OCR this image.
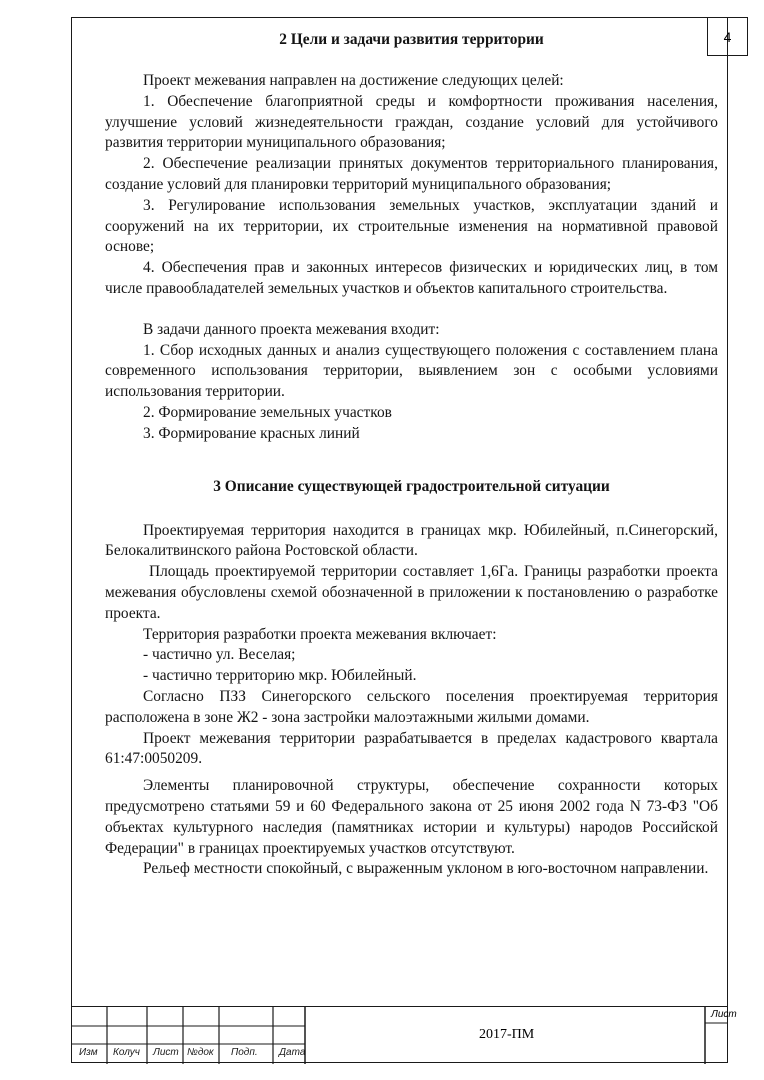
4
2 Цели и задачи развития территории

Проект межевания направлен на достижение следующих целей:

1. Обеспечение благоприятной среды и комфортности проживания населения, улучшение условий жизнедеятельности граждан, создание условий для устойчивого развития территории муниципального образования;

2. Обеспечение реализации принятых документов территориального планирования, создание условий для планировки территорий муниципального образования;

3. Регулирование использования земельных участков, эксплуатации зданий и сооружений на их территории, их строительные изменения на нормативной правовой основе;

4. Обеспечения прав и законных интересов физических и юридических лиц, в том числе правообладателей земельных участков и объектов капитального строительства.

В задачи данного проекта межевания входит:

1. Сбор исходных данных и анализ существующего положения с составлением плана современного использования территории, выявлением зон с особыми условиями использования территории.

2. Формирование земельных участков

3. Формирование красных линий

3 Описание существующей градостроительной ситуации

Проектируемая территория находится в границах мкр. Юбилейный, п.Синегорский, Белокалитвинского района Ростовской области.

Площадь проектируемой территории составляет 1,6Га. Границы разработки проекта межевания обусловлены схемой обозначенной в приложении к постановлению о разработке проекта.

Территория разработки проекта межевания включает:

- частично ул. Веселая;

- частично территорию мкр. Юбилейный.

Согласно ПЗЗ Синегорского сельского поселения проектируемая территория расположена в зоне Ж2 - зона застройки малоэтажными жилыми домами.

Проект межевания территории разрабатывается в пределах кадастрового квартала 61:47:0050209.

Элементы планировочной структуры, обеспечение сохранности которых предусмотрено статьями 59 и 60 Федерального закона от 25 июня 2002 года N 73-ФЗ "Об объектах культурного наследия (памятниках истории и культуры) народов Российской Федерации" в границах проектируемых участков отсутствуют.

Рельеф местности спокойный, с выраженным уклоном в юго-восточном направлении.

Изм Колуч Лист №док Подп. Дата
2017-ПМ
Лист
